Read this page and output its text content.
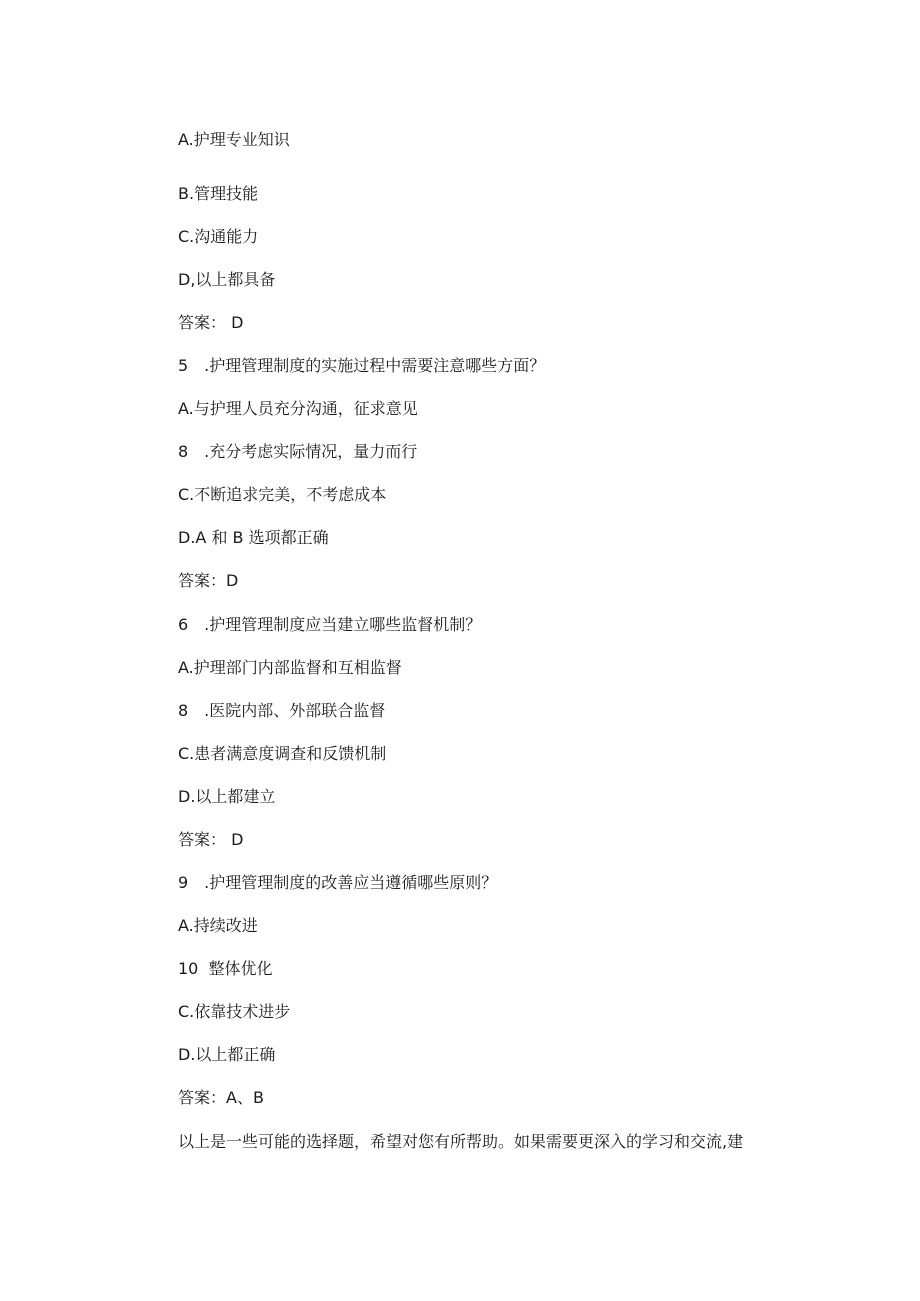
A.护理专业知识
B.管理技能
C.沟通能力
D,以上都具备
答案： D
5　.护理管理制度的实施过程中需要注意哪些方面？
A.与护理人员充分沟通，征求意见
8　.充分考虑实际情况，量力而行
C.不断追求完美，不考虑成本
D.A 和 B 选项都正确
答案：D
6　.护理管理制度应当建立哪些监督机制？
A.护理部门内部监督和互相监督
8　.医院内部、外部联合监督
C.患者满意度调查和反馈机制
D.以上都建立
答案： D
9　.护理管理制度的改善应当遵循哪些原则？
A.持续改进
10  整体优化
C.依靠技术进步
D.以上都正确
答案：A、B
以上是一些可能的选择题，希望对您有所帮助。如果需要更深入的学习和交流,建
